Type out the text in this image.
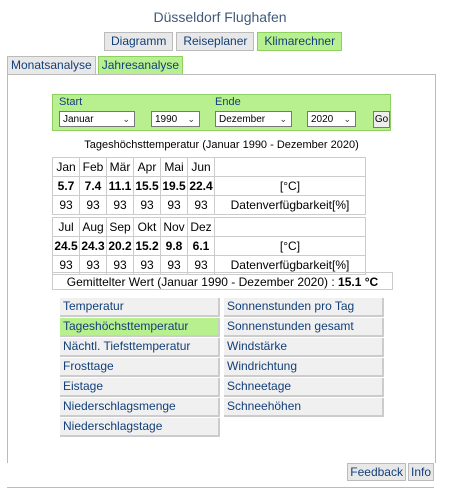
Düsseldorf Flughafen
Diagramm	Reiseplaner	Klimarechner
Monatsanalyse Jahresanalyse
Start	Ende
Januar	⌄	1990 ⌄	Dezember ⌄	2020 ⌄ Go
Tageshöchsttemperatur (Januar 1990 - Dezember 2020)
Jan	Feb	Mär	Apr	Mai	Jun	
5.7	7.4	11.1	15.5	19.5	22.4	[°C]
93	93	93	93	93	93	Datenverfügbarkeit[%]
Jul	Aug	Sep	Okt	Nov	Dez	
24.5	24.3	20.2	15.2	9.8	6.1	[°C]
93	93	93	93	93	93	Datenverfügbarkeit[%]
Gemittelter Wert (Januar 1990 - Dezember 2020) : 15.1 °C
Temperatur	Sonnenstunden pro Tag
Tageshöchsttemperatur	Sonnenstunden gesamt
Nächtl. Tiefsttemperatur	Windstärke
Frosttage	Windrichtung
Eistage	Schneetage
Niederschlagsmenge	Schneehöhen
Niederschlagstage
Feedback Info
